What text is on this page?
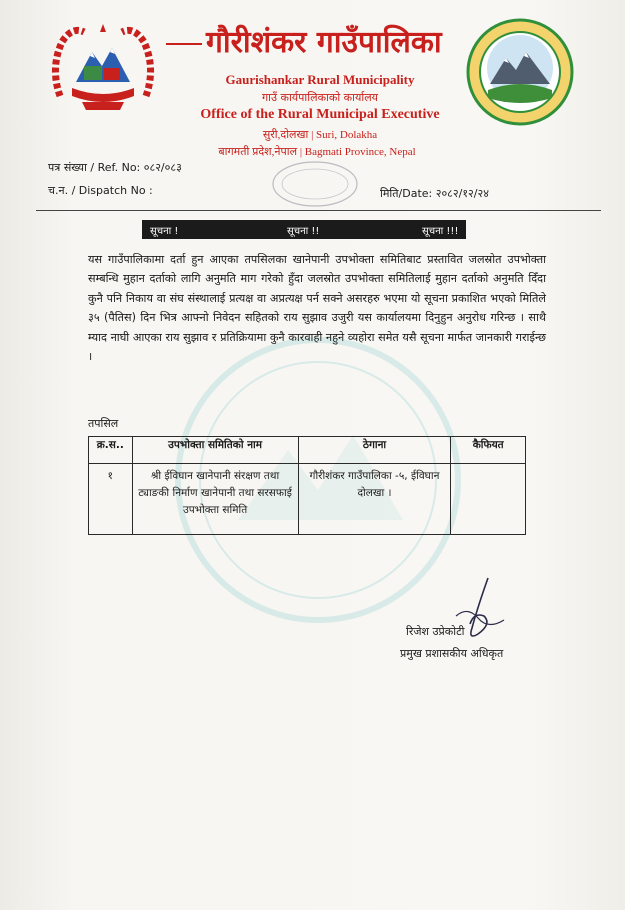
गौरीशंकर गाउँपालिका
Gaurishankar Rural Municipality
गाउँ कार्यपालिकाको कार्यालय
Office of the Rural Municipal Executive
सुरी,दोलखा | Suri, Dolakha
बागमती प्रदेश,नेपाल | Bagmati Province, Nepal
पत्र संख्या / Ref. No: ०८२/०८३
च.न. / Dispatch No :	मिति/Date: २०८२/१२/२४
सूचना !	सूचना !!	सूचना !!!
यस गाउँपालिकामा दर्ता हुन आएका तपसिलका खानेपानी उपभोक्ता समितिबाट प्रस्तावित जलस्रोत उपभोक्ता सम्बन्धि मुहान दर्ताको लागि अनुमति माग गरेको हुँदा जलस्रोत उपभोक्ता समितिलाई मुहान दर्ताको अनुमति दिँदा कुनै पनि निकाय वा संघ संस्थालाई प्रत्यक्ष वा अप्रत्यक्ष पर्न सक्ने असरहरु भएमा यो सूचना प्रकाशित भएको मितिले ३५ (पैतिस) दिन भित्र आफ्नो निवेदन सहितको राय सुझाव उजुरी यस कार्यालयमा दिनुहुन अनुरोध गरिन्छ । साथै म्याद नाघी आएका राय सुझाव र प्रतिक्रियामा कुनै कारवाही नहुने व्यहोरा समेत यसै सूचना मार्फत जानकारी गराईन्छ ।
तपसिल
क्र.स..	उपभोक्ता समितिको नाम	ठेगाना	कैफियत
१	श्री ईविघान खानेपानी संरक्षण तथा ट्याङकी निर्माण खानेपानी तथा सरसफाई उपभोक्ता समिति	गौरीशंकर गाउँपालिका -५, ईविघान दोलखा ।	
रिजेश उप्रेकोटी
प्रमुख प्रशासकीय अधिकृत
